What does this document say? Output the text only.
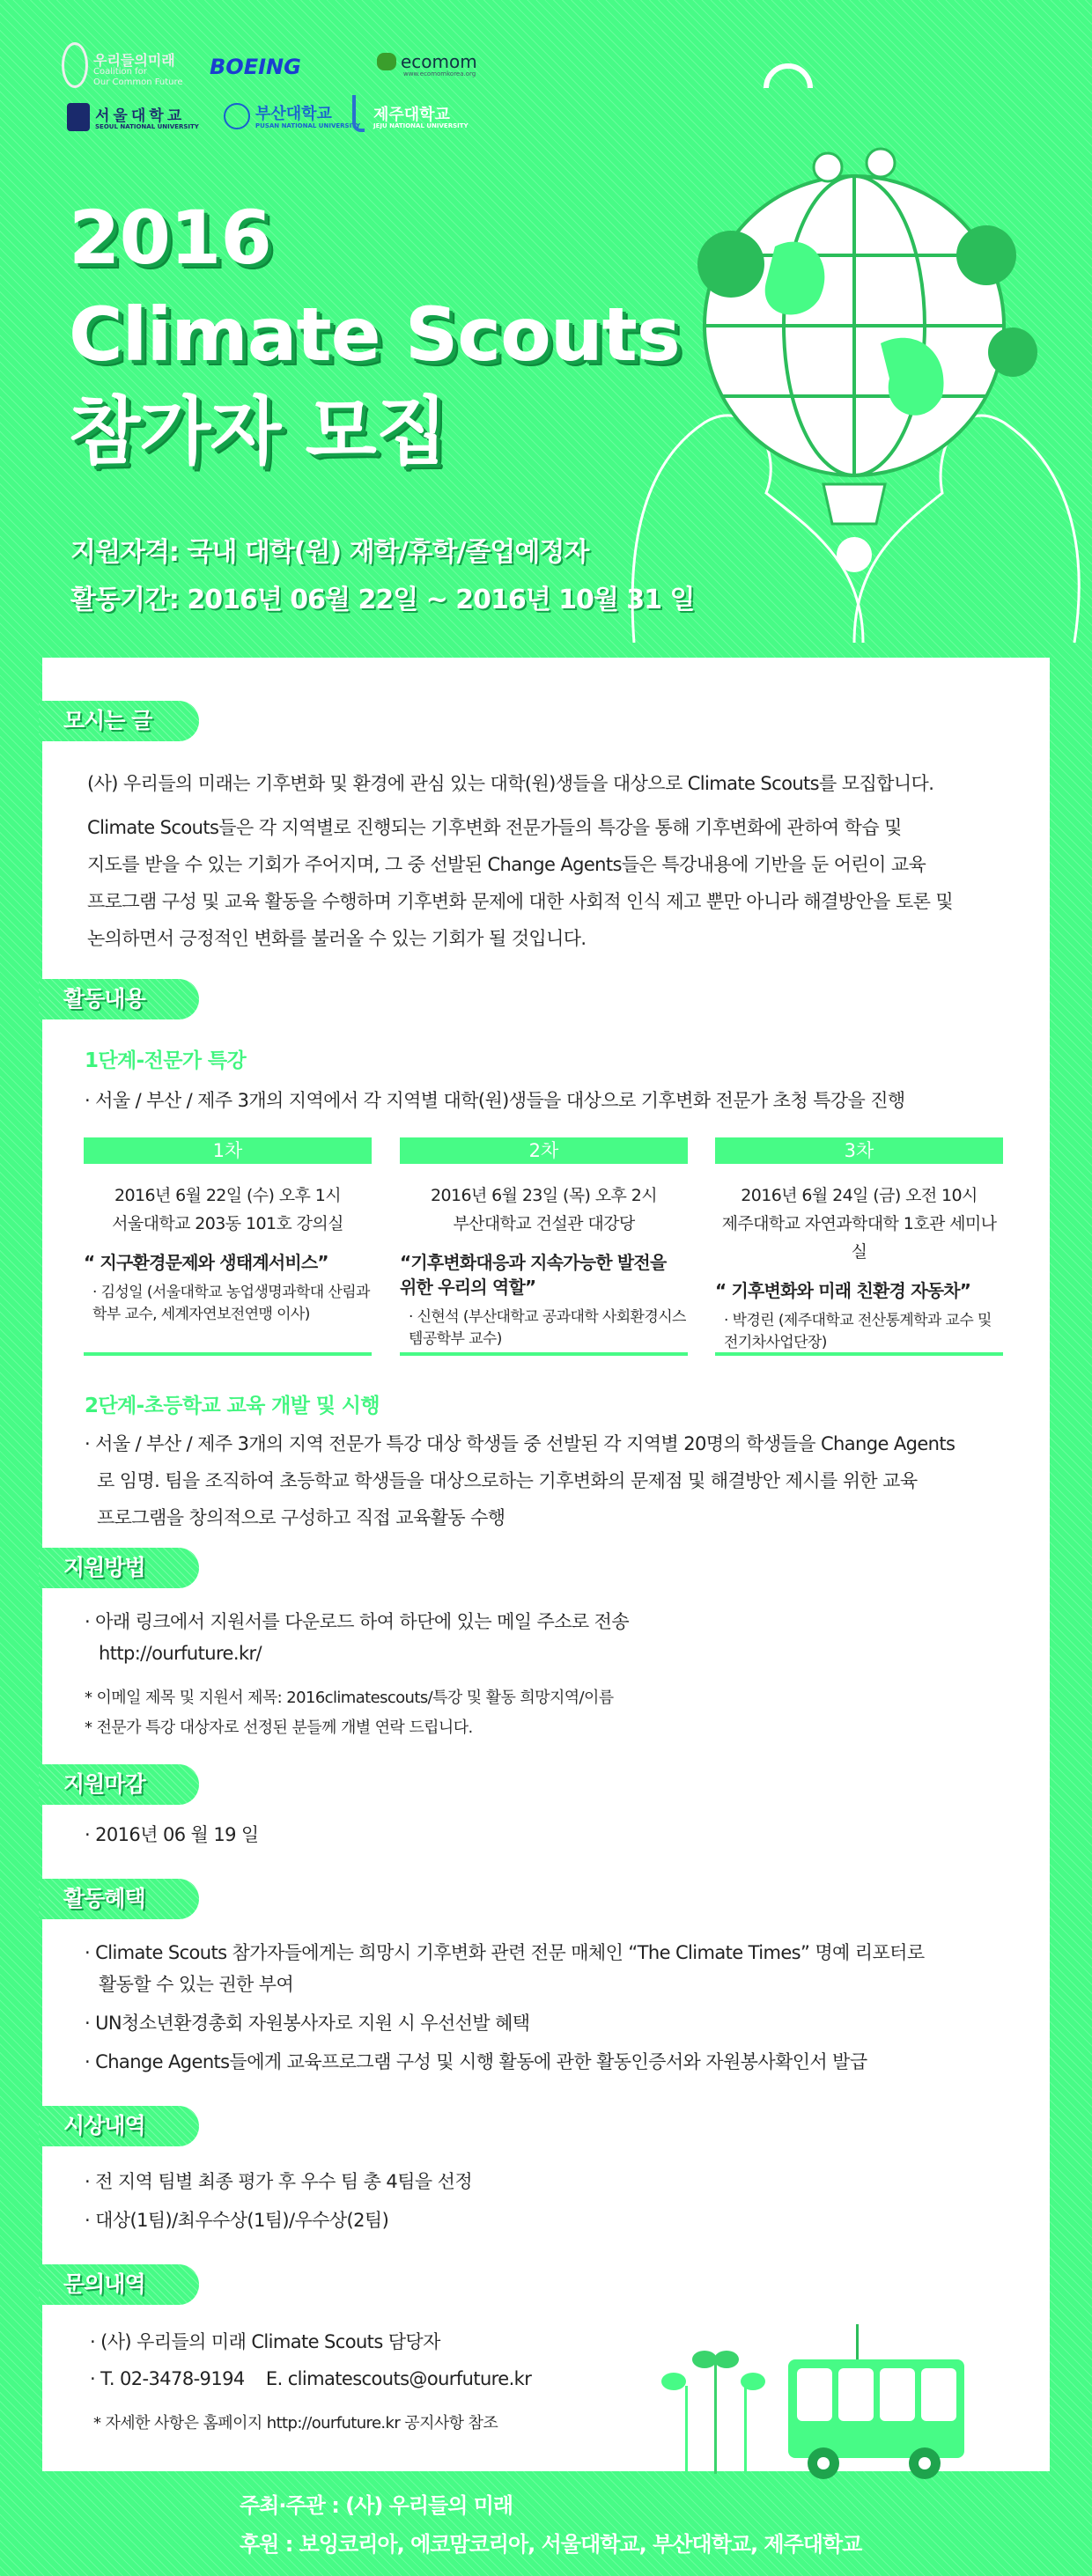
우리들의미래
Coalition for
Our Common Future
BOEING	ecomom
www.ecomomkorea.org
서울대학교
SEOUL NATIONAL UNIVERSITY
부산대학교
PUSAN NATIONAL UNIVERSITY
제주대학교
JEJU NATIONAL UNIVERSITY
2016
Climate Scouts
참가자 모집
지원자격: 국내 대학(원) 재학/휴학/졸업예정자
활동기간: 2016년 06월 22일 ~ 2016년 10월 31 일
모시는 글
(사) 우리들의 미래는 기후변화 및 환경에 관심 있는 대학(원)생들을 대상으로 Climate Scouts를 모집합니다.
Climate Scouts들은 각 지역별로 진행되는 기후변화 전문가들의 특강을 통해 기후변화에 관하여 학습 및
지도를 받을 수 있는 기회가 주어지며, 그 중 선발된 Change Agents들은 특강내용에 기반을 둔 어린이 교육
프로그램 구성 및 교육 활동을 수행하며 기후변화 문제에 대한 사회적 인식 제고 뿐만 아니라 해결방안을 토론 및
논의하면서 긍정적인 변화를 불러올 수 있는 기회가 될 것입니다.
활동내용
1단계-전문가 특강
· 서울 / 부산 / 제주 3개의 지역에서 각 지역별 대학(원)생들을 대상으로 기후변화 전문가 초청 특강을 진행
1차
2016년 6월 22일 (수) 오후 1시
서울대학교 203동 101호 강의실
“ 지구환경문제와 생태계서비스”
· 김성일 (서울대학교 농업생명과학대 산림과학부 교수, 세계자연보전연맹 이사)
2차
2016년 6월 23일 (목) 오후 2시
부산대학교 건설관 대강당
“기후변화대응과 지속가능한 발전을 위한 우리의 역할”
· 신현석 (부산대학교 공과대학 사회환경시스템공학부 교수)
3차
2016년 6월 24일 (금) 오전 10시
제주대학교 자연과학대학 1호관 세미나실
“ 기후변화와 미래 친환경 자동차”
· 박경린 (제주대학교 전산통계학과 교수 및 전기차사업단장)
2단계-초등학교 교육 개발 및 시행
· 서울 / 부산 / 제주 3개의 지역 전문가 특강 대상 학생들 중 선발된 각 지역별 20명의 학생들을 Change Agents
로 임명. 팀을 조직하여 초등학교 학생들을 대상으로하는 기후변화의 문제점 및 해결방안 제시를 위한 교육
프로그램을 창의적으로 구성하고 직접 교육활동 수행
지원방법
· 아래 링크에서 지원서를 다운로드 하여 하단에 있는 메일 주소로 전송
http://ourfuture.kr/
* 이메일 제목 및 지원서 제목: 2016climatescouts/특강 및 활동 희망지역/이름
* 전문가 특강 대상자로 선정된 분들께 개별 연락 드립니다.
지원마감
· 2016년 06 월 19 일
활동혜택
· Climate Scouts 참가자들에게는 희망시 기후변화 관련 전문 매체인 “The Climate Times” 명예 리포터로
활동할 수 있는 권한 부여
· UN청소년환경총회 자원봉사자로 지원 시 우선선발 혜택
· Change Agents들에게 교육프로그램 구성 및 시행 활동에 관한 활동인증서와 자원봉사확인서 발급
시상내역
· 전 지역 팀별 최종 평가 후 우수 팀 총 4팀을 선정
· 대상(1팀)/최우수상(1팀)/우수상(2팀)
문의내역
· (사) 우리들의 미래 Climate Scouts 담당자
· T. 02-3478-9194    E. climatescouts@ourfuture.kr
* 자세한 사항은 홈페이지 http://ourfuture.kr 공지사항 참조
주최·주관 : (사) 우리들의 미래
후원 : 보잉코리아, 에코맘코리아, 서울대학교, 부산대학교, 제주대학교
